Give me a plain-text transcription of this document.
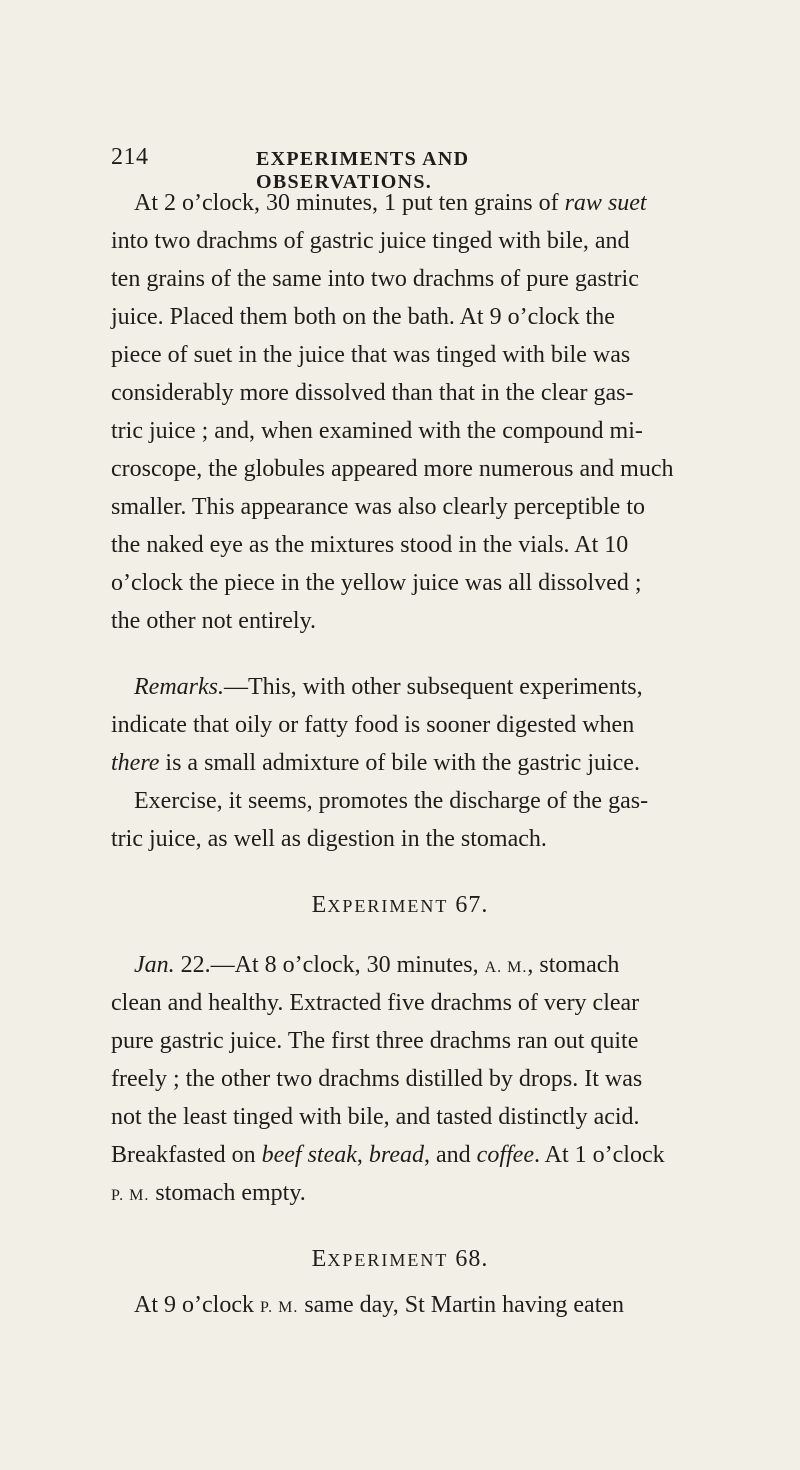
214	EXPERIMENTS AND OBSERVATIONS.
At 2 o’clock, 30 minutes, 1 put ten grains of raw suet
into two drachms of gastric juice tinged with bile, and
ten grains of the same into two drachms of pure gastric
juice. Placed them both on the bath. At 9 o’clock the
piece of suet in the juice that was tinged with bile was
considerably more dissolved than that in the clear gas-
tric juice ; and, when examined with the compound mi-
croscope, the globules appeared more numerous and much
smaller. This appearance was also clearly perceptible to
the naked eye as the mixtures stood in the vials. At 10
o’clock the piece in the yellow juice was all dissolved ;
the other not entirely.
Remarks.—This, with other subsequent experiments,
indicate that oily or fatty food is sooner digested when
there is a small admixture of bile with the gastric juice.
Exercise, it seems, promotes the discharge of the gas-
tric juice, as well as digestion in the stomach.
EXPERIMENT 67.
Jan. 22.—At 8 o’clock, 30 minutes, A. M., stomach
clean and healthy. Extracted five drachms of very clear
pure gastric juice. The first three drachms ran out quite
freely ; the other two drachms distilled by drops. It was
not the least tinged with bile, and tasted distinctly acid.
Breakfasted on beef steak, bread, and coffee. At 1 o’clock
P. M. stomach empty.
EXPERIMENT 68.
At 9 o’clock P. M. same day, St Martin having eaten
